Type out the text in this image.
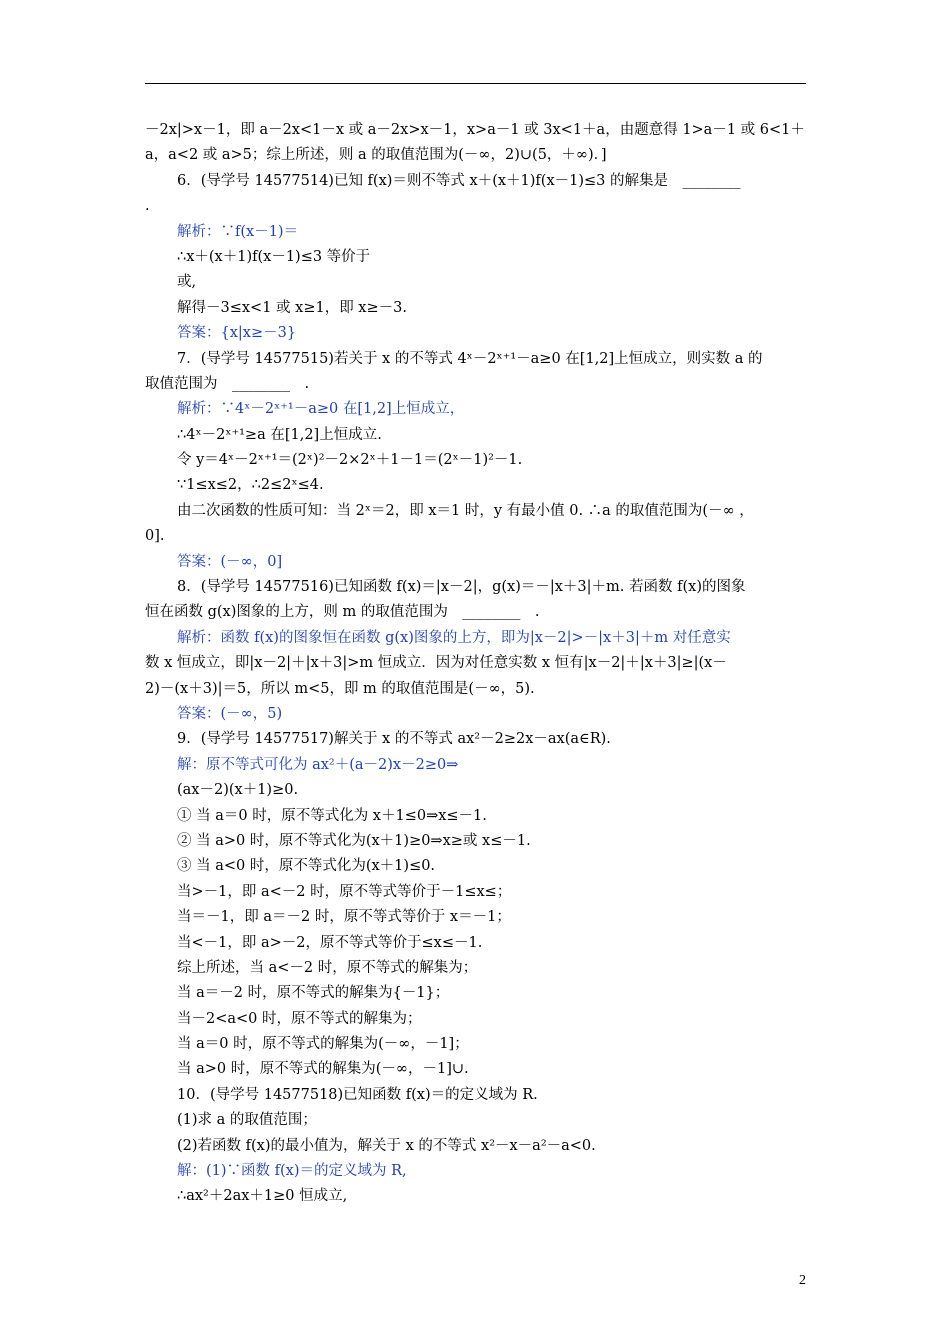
－2x|>x－1，即 a－2x<1－x 或 a－2x>x－1，x>a－1 或 3x<1＋a，由题意得 1>a－1 或 6<1＋
a，a<2 或 a>5；综上所述，则 a 的取值范围为(－∞，2)∪(5，＋∞)．]
6．(导学号 14577514)已知 f(x)＝则不等式 x＋(x＋1)f(x－1)≤3 的解集是　________
.
解析：∵f(x－1)＝
∴x＋(x＋1)f(x－1)≤3 等价于
或,
解得－3≤x<1 或 x≥1，即 x≥－3.
答案：{x|x≥－3}
7．(导学号 14577515)若关于 x 的不等式 4ˣ－2ˣ⁺¹－a≥0 在[1,2]上恒成立，则实数 a 的
取值范围为　________　.
解析：∵4ˣ－2ˣ⁺¹－a≥0 在[1,2]上恒成立，
∴4ˣ－2ˣ⁺¹≥a 在[1,2]上恒成立.
令 y＝4ˣ－2ˣ⁺¹＝(2ˣ)²－2×2ˣ＋1－1＝(2ˣ－1)²－1.
∵1≤x≤2，∴2≤2ˣ≤4.
由二次函数的性质可知：当 2ˣ＝2，即 x＝1 时，y 有最小值 0. ∴a 的取值范围为(－∞ ，
0].
答案：(－∞，0]
8．(导学号 14577516)已知函数 f(x)＝|x－2|，g(x)＝－|x＋3|＋m. 若函数 f(x)的图象
恒在函数 g(x)图象的上方，则 m 的取值范围为　________　.
解析：函数 f(x)的图象恒在函数 g(x)图象的上方，即为|x－2|>－|x＋3|＋m 对任意实
数 x 恒成立，即|x－2|＋|x＋3|>m 恒成立．因为对任意实数 x 恒有|x－2|＋|x＋3|≥|(x－
2)－(x＋3)|＝5，所以 m<5，即 m 的取值范围是(－∞，5).
答案：(－∞，5)
9．(导学号 14577517)解关于 x 的不等式 ax²－2≥2x－ax(a∈R).
解：原不等式可化为 ax²＋(a－2)x－2≥0⇒
(ax－2)(x＋1)≥0.
① 当 a＝0 时，原不等式化为 x＋1≤0⇒x≤－1.
② 当 a>0 时，原不等式化为(x＋1)≥0⇒x≥或 x≤－1.
③ 当 a<0 时，原不等式化为(x＋1)≤0.
当>－1，即 a<－2 时，原不等式等价于－1≤x≤；
当＝－1，即 a＝－2 时，原不等式等价于 x＝－1；
当<－1，即 a>－2，原不等式等价于≤x≤－1.
综上所述，当 a<－2 时，原不等式的解集为；
当 a＝－2 时，原不等式的解集为{－1}；
当－2<a<0 时，原不等式的解集为；
当 a＝0 时，原不等式的解集为(－∞，－1]；
当 a>0 时，原不等式的解集为(－∞，－1]∪.
10．(导学号 14577518)已知函数 f(x)＝的定义域为 R.
(1)求 a 的取值范围；
(2)若函数 f(x)的最小值为，解关于 x 的不等式 x²－x－a²－a<0.
解：(1)∵函数 f(x)＝的定义域为 R,
∴ax²＋2ax＋1≥0 恒成立,
2
